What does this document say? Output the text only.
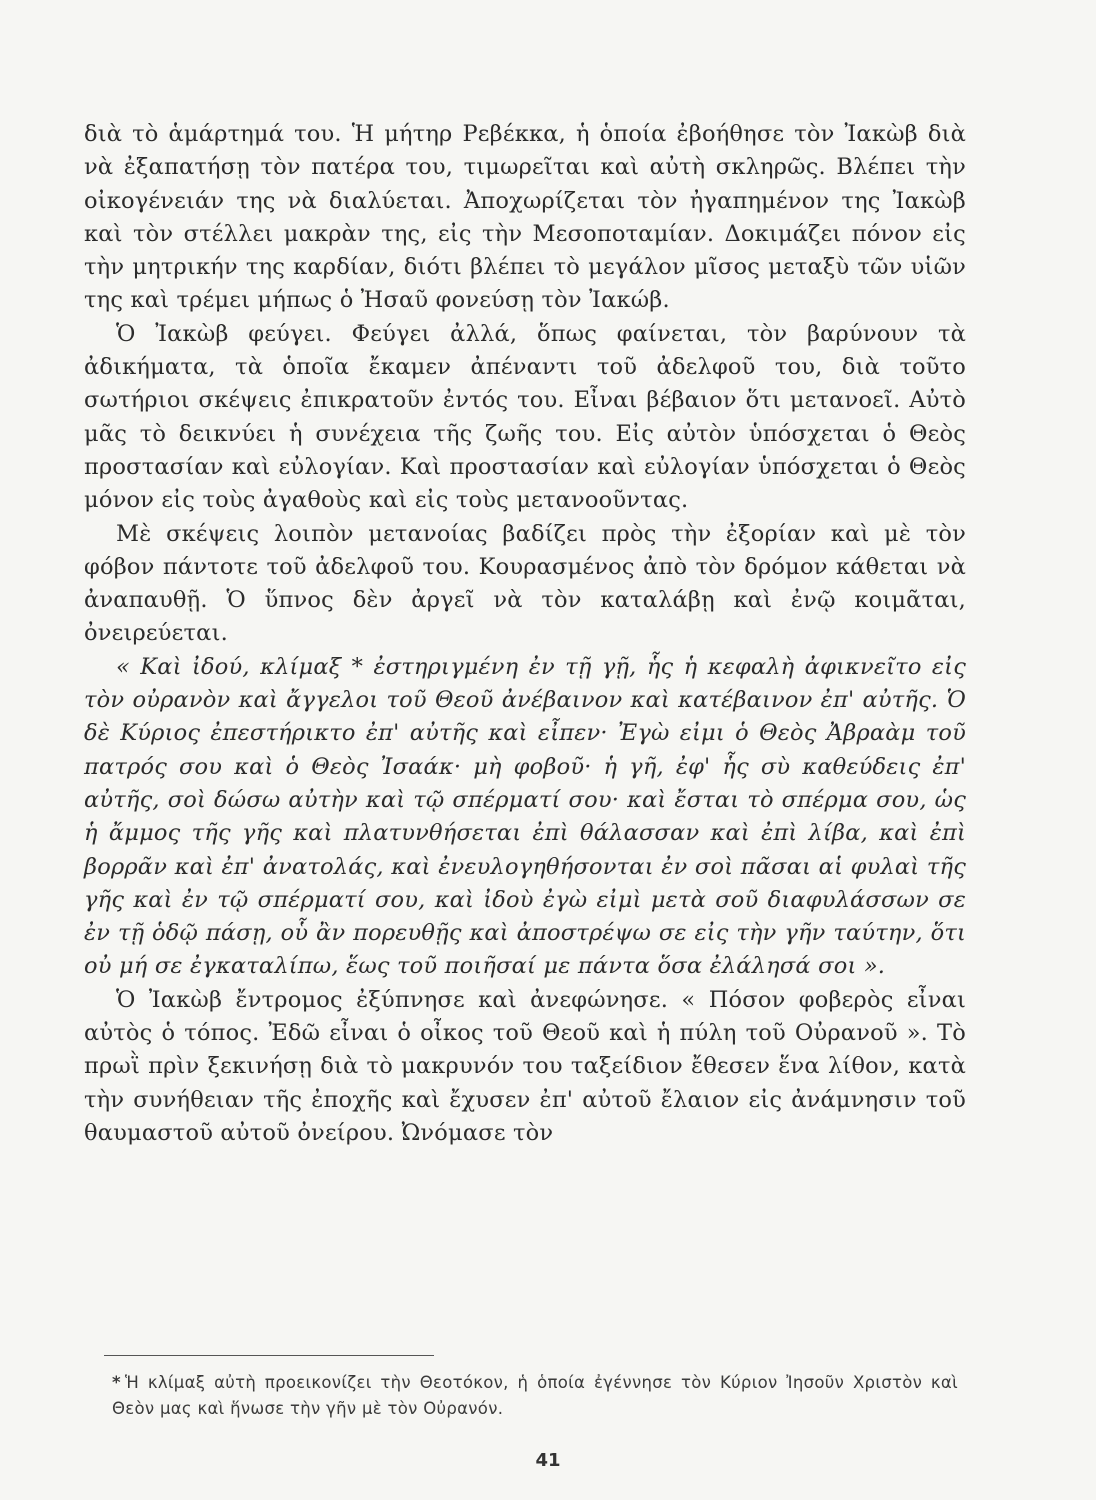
διὰ τὸ ἁμάρτημά του. Ἡ μήτηρ Ρεβέκκα, ἡ ὁποία ἐβοήθησε τὸν Ἰακὼβ διὰ νὰ ἐξαπατήσῃ τὸν πατέρα του, τιμωρεῖται καὶ αὐτὴ σκληρῶς. Βλέπει τὴν οἰκογένειάν της νὰ διαλύεται. Ἀποχωρίζεται τὸν ἠγαπημένον της Ἰακὼβ καὶ τὸν στέλλει μακρὰν της, εἰς τὴν Μεσοποταμίαν. Δοκιμάζει πόνον εἰς τὴν μητρικήν της καρδίαν, διότι βλέπει τὸ μεγάλον μῖσος μεταξὺ τῶν υἱῶν της καὶ τρέμει μήπως ὁ Ἠσαῦ φονεύσῃ τὸν Ἰακώβ.

Ὁ Ἰακὼβ φεύγει. Φεύγει ἀλλά, ὅπως φαίνεται, τὸν βαρύνουν τὰ ἀδικήματα, τὰ ὁποῖα ἔκαμεν ἀπέναντι τοῦ ἀδελφοῦ του, διὰ τοῦτο σωτήριοι σκέψεις ἐπικρατοῦν ἐντός του. Εἶναι βέβαιον ὅτι μετανοεῖ. Αὐτὸ μᾶς τὸ δεικνύει ἡ συνέχεια τῆς ζωῆς του. Εἰς αὐτὸν ὑπόσχεται ὁ Θεὸς προστασίαν καὶ εὐλογίαν. Καὶ προστασίαν καὶ εὐλογίαν ὑπόσχεται ὁ Θεὸς μόνον εἰς τοὺς ἀγαθοὺς καὶ εἰς τοὺς μετανοοῦντας.

Μὲ σκέψεις λοιπὸν μετανοίας βαδίζει πρὸς τὴν ἐξορίαν καὶ μὲ τὸν φόβον πάντοτε τοῦ ἀδελφοῦ του. Κουρασμένος ἀπὸ τὸν δρόμον κάθεται νὰ ἀναπαυθῇ. Ὁ ὕπνος δὲν ἀργεῖ νὰ τὸν καταλάβῃ καὶ ἐνῷ κοιμᾶται, ὀνειρεύεται.

« Καὶ ἰδού, κλίμαξ * ἐστηριγμένη ἐν τῇ γῇ, ἧς ἡ κεφαλὴ ἀφικνεῖτο εἰς τὸν οὐρανὸν καὶ ἄγγελοι τοῦ Θεοῦ ἀνέβαινον καὶ κατέβαινον ἐπ' αὐτῆς. Ὁ δὲ Κύριος ἐπεστήρικτο ἐπ' αὐτῆς καὶ εἶπεν· Ἐγὼ εἰμι ὁ Θεὸς Ἀβραὰμ τοῦ πατρός σου καὶ ὁ Θεὸς Ἰσαάκ· μὴ φοβοῦ· ἡ γῆ, ἐφ' ἧς σὺ καθεύδεις ἐπ' αὐτῆς, σοὶ δώσω αὐτὴν καὶ τῷ σπέρματί σου· καὶ ἔσται τὸ σπέρμα σου, ὡς ἡ ἄμμος τῆς γῆς καὶ πλατυνθήσεται ἐπὶ θάλασσαν καὶ ἐπὶ λίβα, καὶ ἐπὶ βορρᾶν καὶ ἐπ' ἀνατολάς, καὶ ἐνευλογηθήσονται ἐν σοὶ πᾶσαι αἱ φυλαὶ τῆς γῆς καὶ ἐν τῷ σπέρματί σου, καὶ ἰδοὺ ἐγὼ εἰμὶ μετὰ σοῦ διαφυλάσσων σε ἐν τῇ ὁδῷ πάσῃ, οὗ ἂν πορευθῇς καὶ ἀποστρέψω σε εἰς τὴν γῆν ταύτην, ὅτι οὐ μή σε ἐγκαταλίπω, ἕως τοῦ ποιῆσαί με πάντα ὅσα ἐλάλησά σοι ».

Ὁ Ἰακὼβ ἔντρομος ἐξύπνησε καὶ ἀνεφώνησε. « Πόσον φοβερὸς εἶναι αὐτὸς ὁ τόπος. Ἐδῶ εἶναι ὁ οἶκος τοῦ Θεοῦ καὶ ἡ πύλη τοῦ Οὐρανοῦ ». Τὸ πρωῒ πρὶν ξεκινήσῃ διὰ τὸ μακρυνόν του ταξείδιον ἔθεσεν ἕνα λίθον, κατὰ τὴν συνήθειαν τῆς ἐποχῆς καὶ ἔχυσεν ἐπ' αὐτοῦ ἔλαιον εἰς ἀνάμνησιν τοῦ θαυμαστοῦ αὐτοῦ ὀνείρου. Ὠνόμασε τὸν

* Ἡ κλίμαξ αὐτὴ προεικονίζει τὴν Θεοτόκον, ἡ ὁποία ἐγέννησε τὸν Κύριον Ἰησοῦν Χριστὸν καὶ Θεὸν μας καὶ ἥνωσε τὴν γῆν μὲ τὸν Οὐρανόν.
41
